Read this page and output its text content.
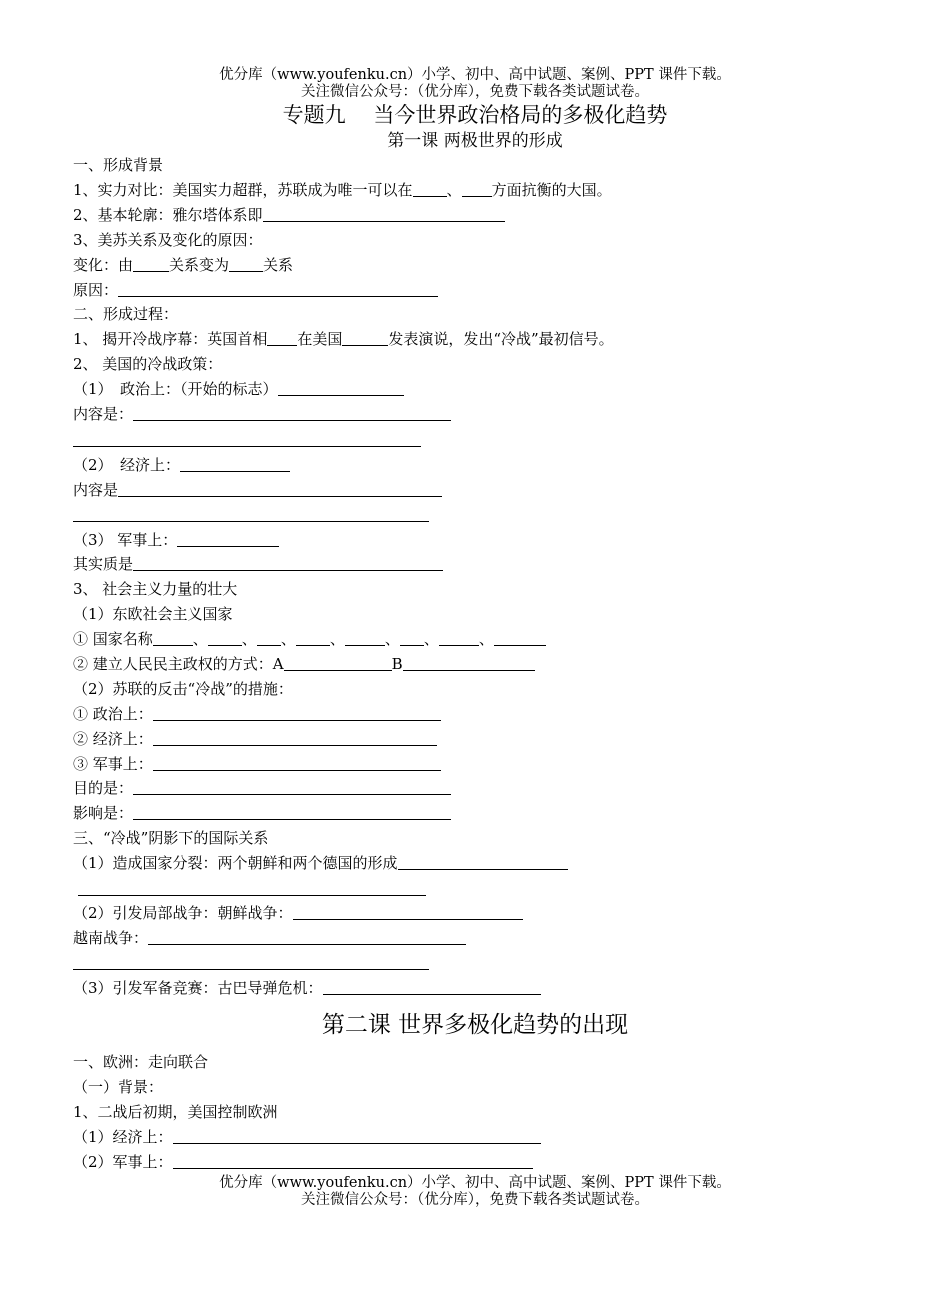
优分库（www.youfenku.cn）小学、初中、高中试题、案例、PPT 课件下载。
关注微信公众号：（优分库），免费下载各类试题试卷。
专题九　 当今世界政治格局的多极化趋势
第一课 两极世界的形成
一、形成背景
1、实力对比：美国实力超群，苏联成为唯一可以在 、 方面抗衡的大国。
2、基本轮廓：雅尔塔体系即
3、美苏关系及变化的原因：
变化：由 关系变为 关系
原因：
二、形成过程：
1、 揭开冷战序幕：英国首相 在美国	发表演说，发出“冷战”最初信号。
2、 美国的冷战政策：
（1）　政治上：（开始的标志）
内容是：
（2）　经济上：
内容是
（3） 军事上：
其实质是
3、 社会主义力量的壮大
（1）东欧社会主义国家
① 国家名称	、 、 、 、	、 、	、
② 建立人民民主政权的方式：A	B
（2）苏联的反击“冷战”的措施：
① 政治上：
② 经济上：
③ 军事上：
目的是：
影响是：
三、“冷战”阴影下的国际关系
（1）造成国家分裂：两个朝鲜和两个德国的形成
（2）引发局部战争：朝鲜战争：
越南战争：
（3）引发军备竞赛：古巴导弹危机：
第二课 世界多极化趋势的出现
一、欧洲：走向联合
（一）背景：
1、二战后初期，美国控制欧洲
（1）经济上：
（2）军事上：
优分库（www.youfenku.cn）小学、初中、高中试题、案例、PPT 课件下载。
关注微信公众号：（优分库），免费下载各类试题试卷。
